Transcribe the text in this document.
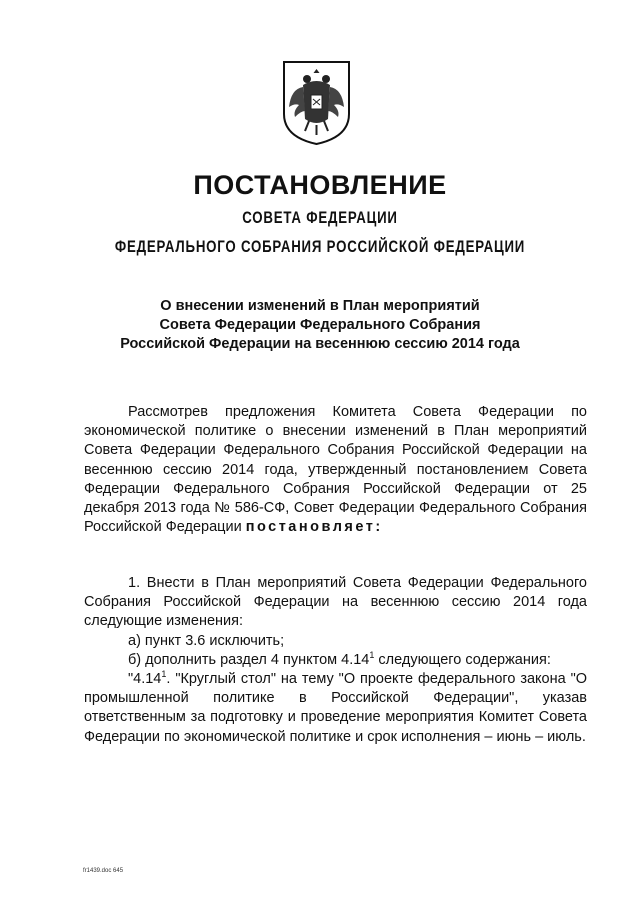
ПОСТАНОВЛЕНИЕ
СОВЕТА ФЕДЕРАЦИИ
ФЕДЕРАЛЬНОГО СОБРАНИЯ РОССИЙСКОЙ ФЕДЕРАЦИИ
О внесении изменений в План мероприятий
Совета Федерации Федерального Собрания
Российской Федерации на весеннюю сессию 2014 года

Рассмотрев предложения Комитета Совета Федерации по экономической политике о внесении изменений в План мероприятий Совета Федерации Федерального Собрания Российской Федерации на весеннюю сессию 2014 года, утвержденный постановлением Совета Федерации Федерального Собрания Российской Федерации от 25 декабря 2013 года № 586-СФ, Совет Федерации Федерального Собрания Российской Федерации постановляет:

1. Внести в План мероприятий Совета Федерации Федерального Собрания Российской Федерации на весеннюю сессию 2014 года следующие изменения:

а) пункт 3.6 исключить;

б) дополнить раздел 4 пунктом 4.14$^1$ следующего содержания:

"4.14$^1$. "Круглый стол" на тему "О проекте федерального закона "О промышленной политике в Российской Федерации", указав ответственным за подготовку и проведение мероприятия Комитет Совета Федерации по экономической политике и срок исполнения – июнь – июль.

fr1439.doc 645
